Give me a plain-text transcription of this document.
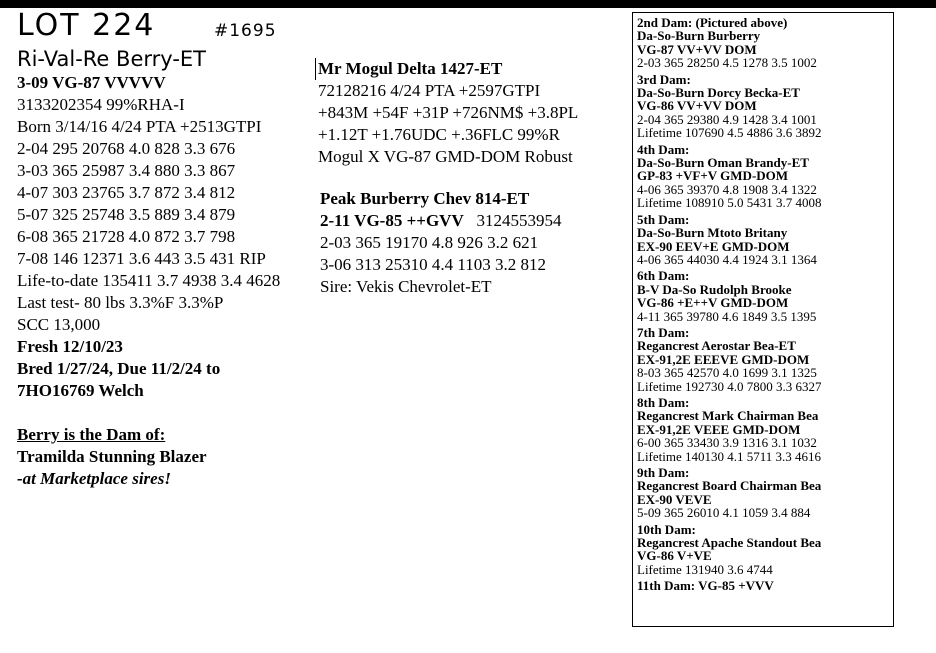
LOT 224	#1695
Ri-Val-Re Berry-ET
3-09 VG-87 VVVVV
3133202354 99%RHA-I
Born 3/14/16 4/24 PTA +2513GTPI
2-04 295 20768 4.0 828 3.3 676
3-03 365 25987 3.4 880 3.3 867
4-07 303 23765 3.7 872 3.4 812
5-07 325 25748 3.5 889 3.4 879
6-08 365 21728 4.0 872 3.7 798
7-08 146 12371 3.6 443 3.5 431 RIP
Life-to-date 135411 3.7 4938 3.4 4628
Last test- 80 lbs 3.3%F 3.3%P
SCC 13,000
Fresh 12/10/23
Bred 1/27/24, Due 11/2/24 to
7HO16769 Welch
Berry is the Dam of:
Tramilda Stunning Blazer
-at Marketplace sires!
Mr Mogul Delta 1427-ET
72128216 4/24 PTA +2597GTPI
+843M +54F +31P +726NM$ +3.8PL
+1.12T +1.76UDC +.36FLC 99%R
Mogul X VG-87 GMD-DOM Robust
Peak Burberry Chev 814-ET
2-11 VG-85 ++GVV 3124553954
2-03 365 19170 4.8 926 3.2 621
3-06 313 25310 4.4 1103 3.2 812
Sire: Vekis Chevrolet-ET
2nd Dam: (Pictured above)
Da-So-Burn Burberry
VG-87 VV+VV DOM
2-03 365 28250 4.5 1278 3.5 1002
3rd Dam:
Da-So-Burn Dorcy Becka-ET
VG-86 VV+VV DOM
2-04 365 29380 4.9 1428 3.4 1001
Lifetime 107690 4.5 4886 3.6 3892
4th Dam:
Da-So-Burn Oman Brandy-ET
GP-83 +VF+V GMD-DOM
4-06 365 39370 4.8 1908 3.4 1322
Lifetime 108910 5.0 5431 3.7 4008
5th Dam:
Da-So-Burn Mtoto Britany
EX-90 EEV+E GMD-DOM
4-06 365 44030 4.4 1924 3.1 1364
6th Dam:
B-V Da-So Rudolph Brooke
VG-86 +E++V GMD-DOM
4-11 365 39780 4.6 1849 3.5 1395
7th Dam:
Regancrest Aerostar Bea-ET
EX-91,2E EEEVE GMD-DOM
8-03 365 42570 4.0 1699 3.1 1325
Lifetime 192730 4.0 7800 3.3 6327
8th Dam:
Regancrest Mark Chairman Bea
EX-91,2E VEEE GMD-DOM
6-00 365 33430 3.9 1316 3.1 1032
Lifetime 140130 4.1 5711 3.3 4616
9th Dam:
Regancrest Board Chairman Bea
EX-90 VEVE
5-09 365 26010 4.1 1059 3.4 884
10th Dam:
Regancrest Apache Standout Bea
VG-86 V+VE
Lifetime 131940 3.6 4744
11th Dam: VG-85 +VVV
